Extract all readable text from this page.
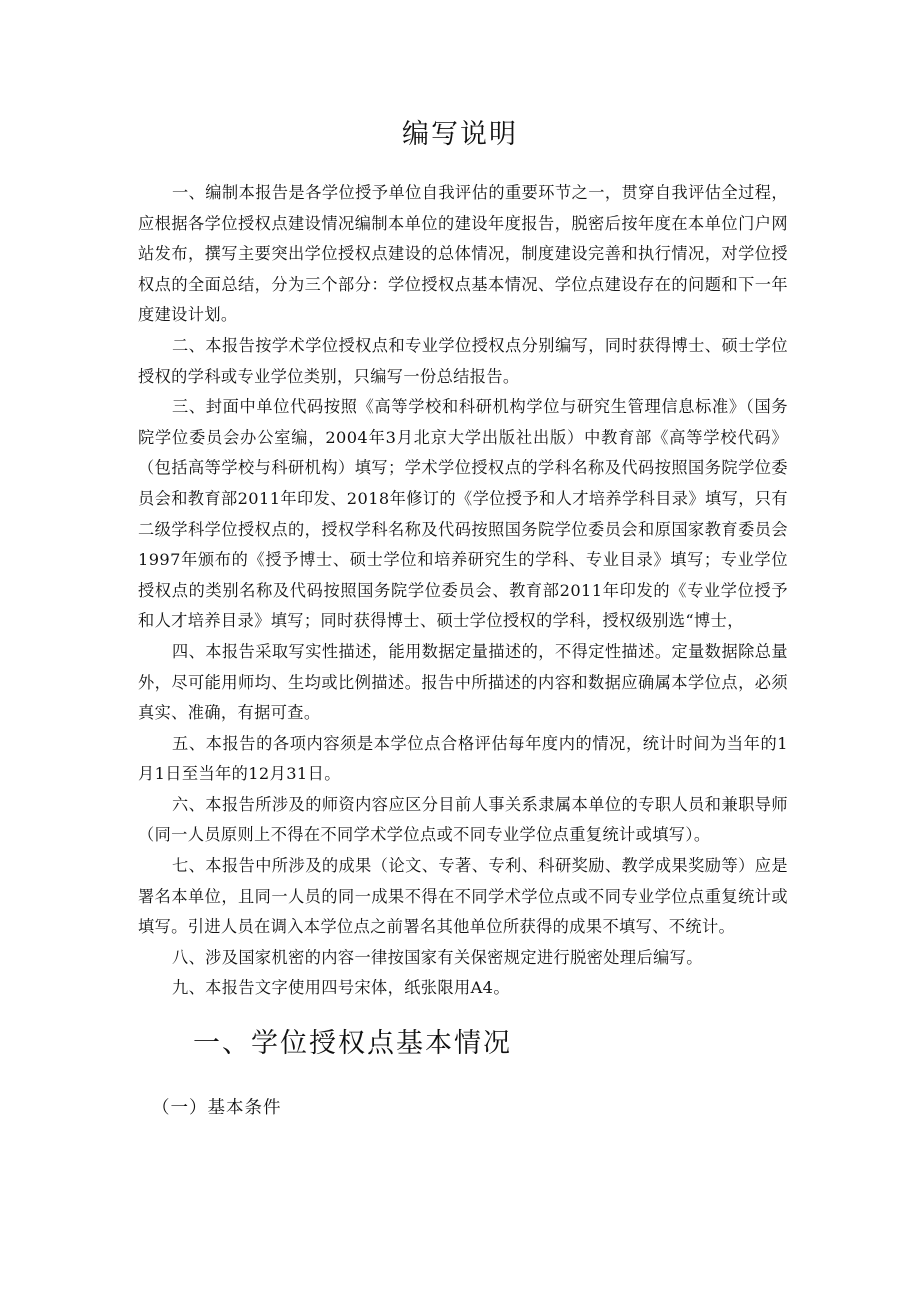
编写说明

一、编制本报告是各学位授予单位自我评估的重要环节之一，贯穿自我评估全过程，应根据各学位授权点建设情况编制本单位的建设年度报告，脱密后按年度在本单位门户网站发布，撰写主要突出学位授权点建设的总体情况，制度建设完善和执行情况，对学位授权点的全面总结，分为三个部分：学位授权点基本情况、学位点建设存在的问题和下一年度建设计划。

二、本报告按学术学位授权点和专业学位授权点分别编写，同时获得博士、硕士学位授权的学科或专业学位类别，只编写一份总结报告。

三、封面中单位代码按照《高等学校和科研机构学位与研究生管理信息标准》（国务院学位委员会办公室编，2004年3月北京大学出版社出版）中教育部《高等学校代码》（包括高等学校与科研机构）填写；学术学位授权点的学科名称及代码按照国务院学位委员会和教育部2011年印发、2018年修订的《学位授予和人才培养学科目录》填写，只有二级学科学位授权点的，授权学科名称及代码按照国务院学位委员会和原国家教育委员会1997年颁布的《授予博士、硕士学位和培养研究生的学科、专业目录》填写；专业学位授权点的类别名称及代码按照国务院学位委员会、教育部2011年印发的《专业学位授予和人才培养目录》填写；同时获得博士、硕士学位授权的学科，授权级别选“博士，

四、本报告采取写实性描述，能用数据定量描述的，不得定性描述。定量数据除总量外，尽可能用师均、生均或比例描述。报告中所描述的内容和数据应确属本学位点，必须真实、准确，有据可查。

五、本报告的各项内容须是本学位点合格评估每年度内的情况，统计时间为当年的1月1日至当年的12月31日。

六、本报告所涉及的师资内容应区分目前人事关系隶属本单位的专职人员和兼职导师（同一人员原则上不得在不同学术学位点或不同专业学位点重复统计或填写）。

七、本报告中所涉及的成果（论文、专著、专利、科研奖励、教学成果奖励等）应是署名本单位，且同一人员的同一成果不得在不同学术学位点或不同专业学位点重复统计或填写。引进人员在调入本学位点之前署名其他单位所获得的成果不填写、不统计。

八、涉及国家机密的内容一律按国家有关保密规定进行脱密处理后编写。

九、本报告文字使用四号宋体，纸张限用A4。

一、学位授权点基本情况
（一）基本条件
